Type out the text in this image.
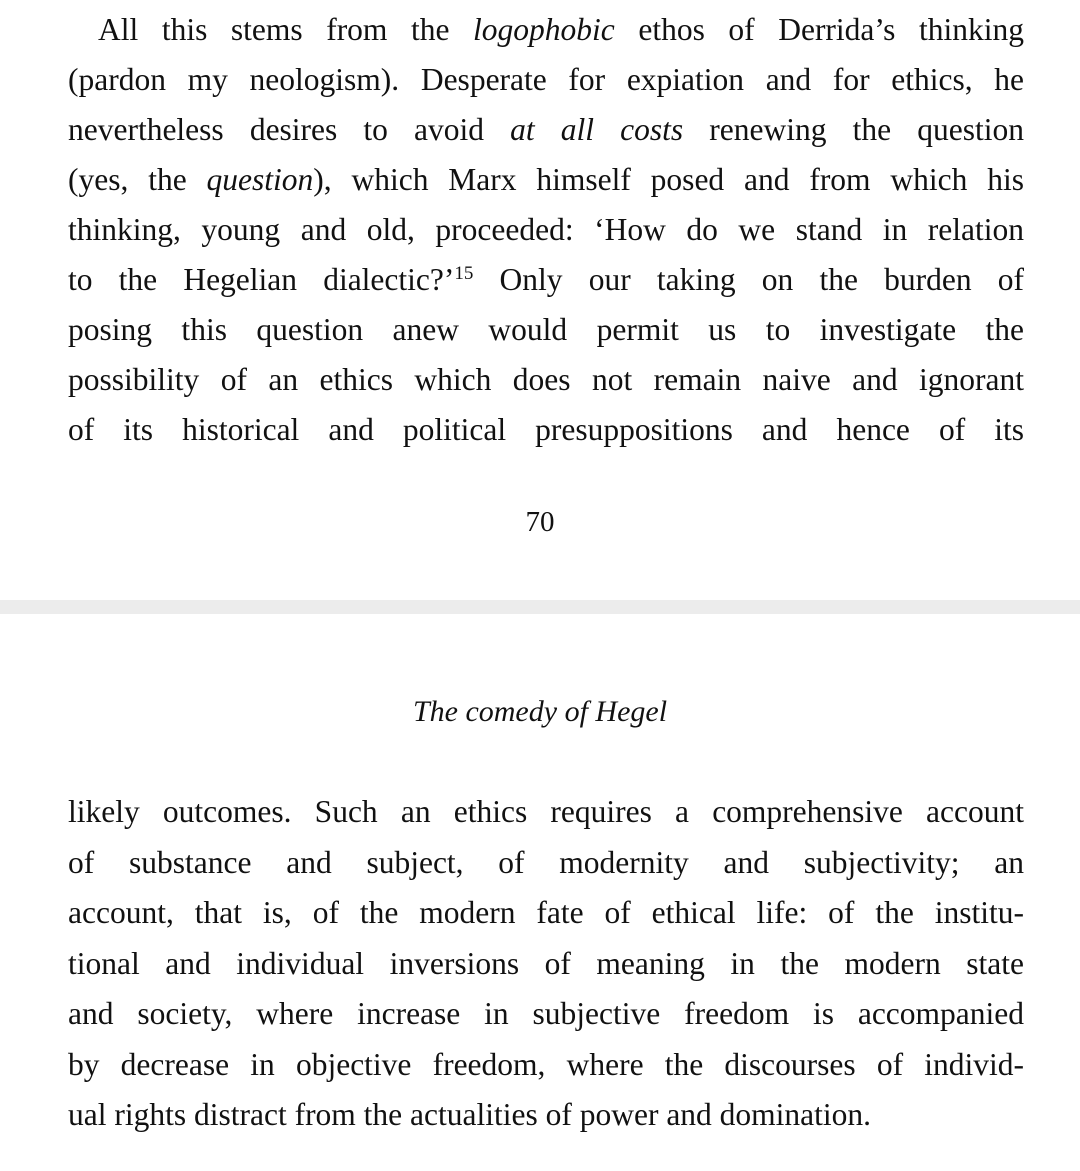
All this stems from the logophobic ethos of Derrida’s thinking
(pardon my neologism). Desperate for expiation and for ethics, he
nevertheless desires to avoid at all costs renewing the question
(yes, the question), which Marx himself posed and from which his
thinking, young and old, proceeded: ‘How do we stand in relation
to the Hegelian dialectic?’$^{15}$ Only our taking on the burden of
posing this question anew would permit us to investigate the
possibility of an ethics which does not remain naive and ignorant
of its historical and political presuppositions and hence of its
70
The comedy of Hegel
likely outcomes. Such an ethics requires a comprehensive account
of substance and subject, of modernity and subjectivity; an
account, that is, of the modern fate of ethical life: of the institu-
tional and individual inversions of meaning in the modern state
and society, where increase in subjective freedom is accompanied
by decrease in objective freedom, where the discourses of individ-
ual rights distract from the actualities of power and domination.
